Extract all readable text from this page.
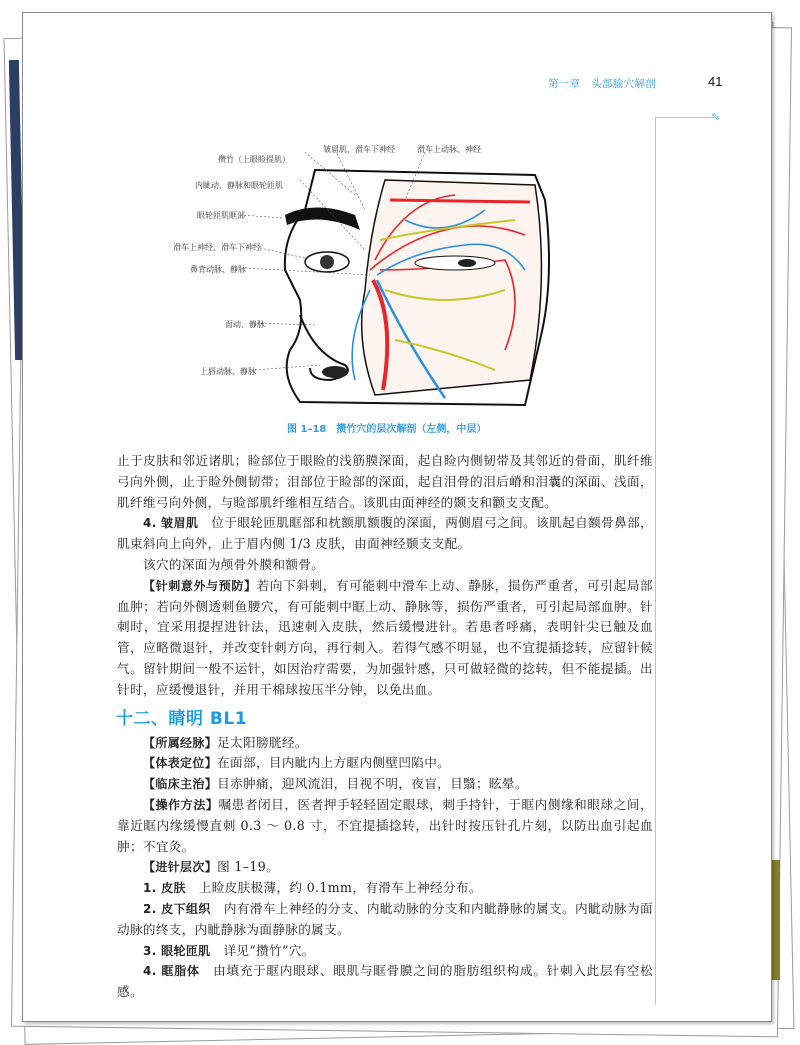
第一章　头部腧穴解剖	41
✎
攒竹（上眼睑提肌）
内眦动、静脉和眼轮匝肌
眼轮匝肌眶部
滑车上神经、滑车下神经
鼻背动脉、静脉
面动、静脉
上唇动脉、静脉
皱眉肌，滑车下神经	滑车上动脉、神经
图 1–18　攒竹穴的层次解剖（左侧，中层）

止于皮肤和邻近诸肌；睑部位于眼睑的浅筋膜深面，起自睑内侧韧带及其邻近的骨面，肌纤维弓向外侧，止于睑外侧韧带；泪部位于睑部的深面，起自泪骨的泪后嵴和泪囊的深面、浅面，肌纤维弓向外侧，与睑部肌纤维相互结合。该肌由面神经的颞支和颧支支配。

4. 皱眉肌　位于眼轮匝肌眶部和枕额肌额腹的深面，两侧眉弓之间。该肌起自额骨鼻部，肌束斜向上向外，止于眉内侧 1/3 皮肤，由面神经颞支支配。

该穴的深面为颅骨外膜和额骨。

【针刺意外与预防】若向下斜刺，有可能刺中滑车上动、静脉，损伤严重者，可引起局部血肿；若向外侧透刺鱼腰穴，有可能刺中眶上动、静脉等，损伤严重者，可引起局部血肿。针刺时，宜采用提捏进针法，迅速刺入皮肤，然后缓慢进针。若患者呼痛，表明针尖已触及血管，应略微退针，并改变针刺方向，再行刺入。若得气感不明显，也不宜提插捻转，应留针候气。留针期间一般不运针，如因治疗需要，为加强针感，只可做轻微的捻转，但不能提插。出针时，应缓慢退针，并用干棉球按压半分钟，以免出血。

十二、睛明 BL1

【所属经脉】足太阳膀胱经。

【体表定位】在面部，目内眦内上方眶内侧壁凹陷中。

【临床主治】目赤肿痛，迎风流泪，目视不明，夜盲，目翳；眩晕。

【操作方法】嘱患者闭目，医者押手轻轻固定眼球，刺手持针，于眶内侧缘和眼球之间，靠近眶内缘缓慢直刺 0.3 ～ 0.8 寸，不宜提插捻转，出针时按压针孔片刻，以防出血引起血肿；不宜灸。

【进针层次】图 1–19。

1. 皮肤　上睑皮肤极薄，约 0.1mm，有滑车上神经分布。

2. 皮下组织　内有滑车上神经的分支、内眦动脉的分支和内眦静脉的属支。内眦动脉为面动脉的终支，内眦静脉为面静脉的属支。

3. 眼轮匝肌　详见“攒竹”穴。

4. 眶脂体　由填充于眶内眼球、眼肌与眶骨膜之间的脂肪组织构成。针刺入此层有空松感。
